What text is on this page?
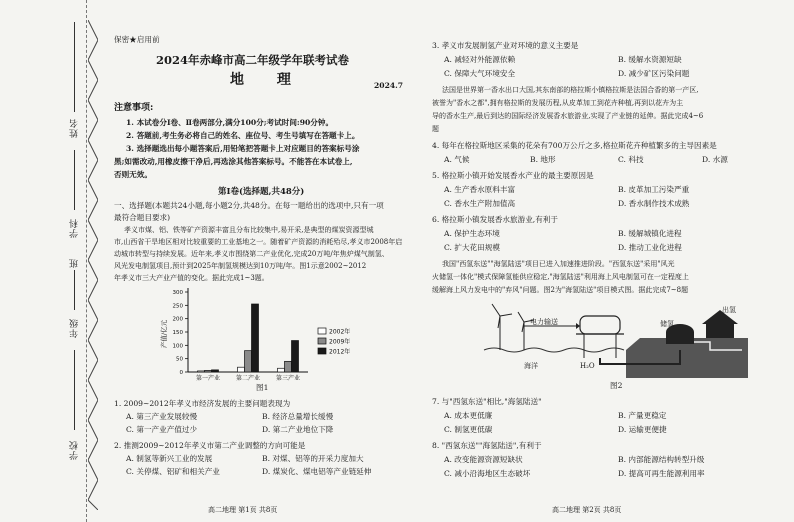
姓名
学科
班
年级
学校
保密★启用前
2024年赤峰市高二年级学年联考试卷
地 理	2024.7
注意事项:
1. 本试卷分Ⅰ卷、Ⅱ卷两部分,满分100分;考试时间:90分钟。
2. 答题前,考生务必将自己的姓名、座位号、考生号填写在答题卡上。
3. 选择题选出每小题答案后,用铅笔把答题卡上对应题目的答案标号涂
黑;如需改动,用橡皮擦干净后,再选涂其他答案标号。不能答在本试卷上,
否则无效。
第Ⅰ卷(选择题,共48分)
一、选择题(本题共24小题,每小题2分,共48分。在每一题给出的选项中,只有一项
最符合题目要求)
孝义市煤、铝、铁等矿产资源丰富且分布比较集中,易开采,是典型的煤炭资源型城
市,山西省干旱地区相对比较重要的工业基地之一。随着矿产资源的消耗殆尽,孝义市2008年启
动城市转型与持续发展。近年来,孝义市围绕第二产业优化,完成20万吨/年焦炉煤气制氢、
风光发电制氢项目,预计到2025年制氢规模达到10万吨/年。图1示意2002~2012
年孝义市三大产业产值的变化。据此完成1~3题。
0
50
100
150
200
250
300
产值/亿元
第一产业	第二产业	第三产业
2002年
2009年
2012年
图1
1. 2009~2012年孝义市经济发展的主要问题表现为
A. 第三产业发展较慢	B. 经济总量增长缓慢
C. 第一产业产值过少	D. 第二产业地位下降
2. 推测2009~2012年孝义市第二产业调整的方向可能是
A. 制氢等新兴工业的发展	B. 对煤、铝等的开采力度加大
C. 关停煤、铝矿和相关产业	D. 煤炭化、煤电铝等产业链延伸
高二地理 第1页 共8页
3. 孝义市发展制氢产业对环境的意义主要是
A. 减轻对外能源依赖	B. 缓解水资源短缺
C. 保障大气环境安全	D. 减少矿区污染问题
法国是世界第一香水出口大国,其东南部的格拉斯小镇格拉斯是法国合香的第一产区,
被誉为"香水之都",拥有格拉斯的发展历程,从皮革加工到花卉种植,再到以花卉为主
导的香水生产,最后到达的国际经济发展香水旅游业,实现了产业链的延伸。据此完成4~6
题
4. 每年在格拉斯地区采集的花朵有700万公斤之多,格拉斯花卉种植繁多的主导因素是
A. 气候	B. 地形	C. 科技	D. 水源
5. 格拉斯小镇开始发展香水产业的最主要原因是
A. 生产香水原料丰富	B. 皮革加工污染严重
C. 香水生产附加值高	D. 香水制作技术成熟
6. 格拉斯小镇发展香水旅游业,有利于
A. 保护生态环境	B. 缓解城镇化进程
C. 扩大花田规模	D. 推动工业化进程
我国"西氢东送""海氢陆送"项目已进入加速推进阶段。"西氢东送"采用"风光
火储氢一体化"模式保障氢能供应稳定,"海氢陆送"利用海上风电制氢可在一定程度上
缓解海上风力发电中的"弃风"问题。图2为"海氢陆送"项目模式图。据此完成7~8题
电力输送
海洋	H₂O
储氢
出氢
图2
7. 与"西氢东送"相比,"海氢陆送"
A. 成本更低廉	B. 产量更稳定
C. 制氢更低碳	D. 运输更便捷
8. "西氢东送""海氢陆送",有利于
A. 改变能源资源短缺状	B. 内部能源结构转型升级
C. 减小沿海地区生态破坏	D. 提高可再生能源利用率
高二地理 第2页 共8页
